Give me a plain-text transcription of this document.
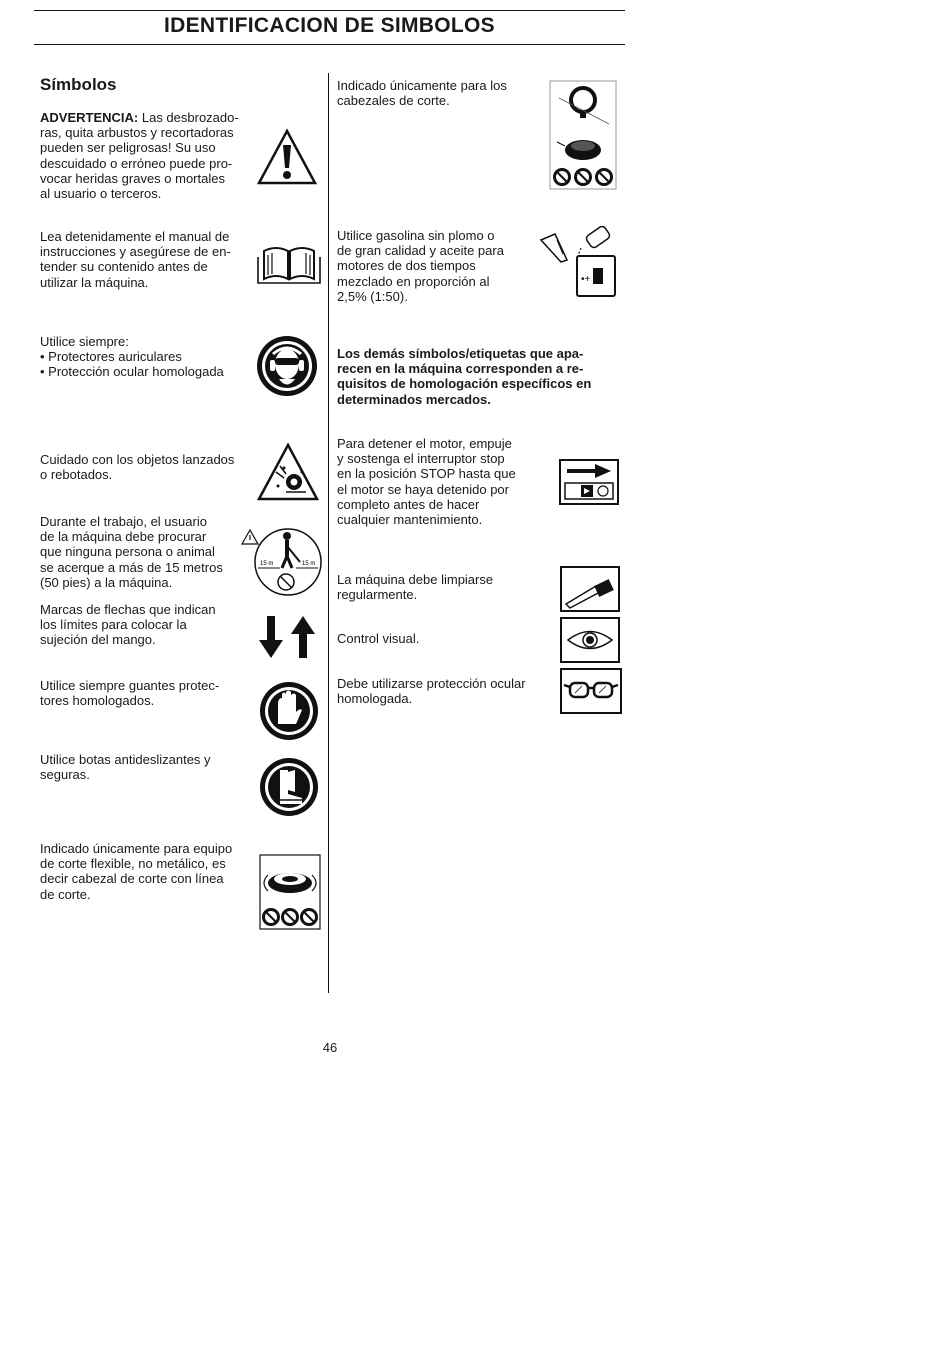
IDENTIFICACION DE SIMBOLOS
Símbolos

ADVERTENCIA: Las desbrozado-
ras, quita arbustos y recortadoras
pueden ser peligrosas! Su uso
descuidado o erróneo puede pro-
vocar heridas graves o mortales
al usuario o terceros.

Lea detenidamente el manual de
instrucciones y asegúrese de en-
tender su contenido antes de
utilizar la máquina.

Utilice siempre:
• Protectores auriculares
• Protección ocular homologada

Cuidado con los objetos lanzados
o rebotados.

Durante el trabajo, el usuario
de la máquina debe procurar
que ninguna persona o animal
se acerque a más de 15 metros
(50 pies) a la máquina.

15 m	15 m

Marcas de flechas que indican
los límites para colocar la
sujeción del mango.

Utilice siempre guantes protec-
tores homologados.

Utilice botas antideslizantes y
seguras.

Indicado únicamente para equipo
de corte flexible, no metálico, es
decir cabezal de corte con línea
de corte.

Indicado únicamente para los
cabezales de corte.

Utilice gasolina sin plomo o
de gran calidad y aceite para
motores de dos tiempos
mezclado en proporción al
2,5% (1:50).

•+

Los demás símbolos/etiquetas que apa-
recen en la máquina corresponden a re-
quisitos de homologación específicos en
determinados mercados.

Para detener el motor, empuje
y sostenga el interruptor stop
en la posición STOP hasta que
el motor se haya detenido por
completo antes de hacer
cualquier mantenimiento.

La máquina debe limpiarse
regularmente.

Control visual.

Debe utilizarse protección ocular
homologada.

46
